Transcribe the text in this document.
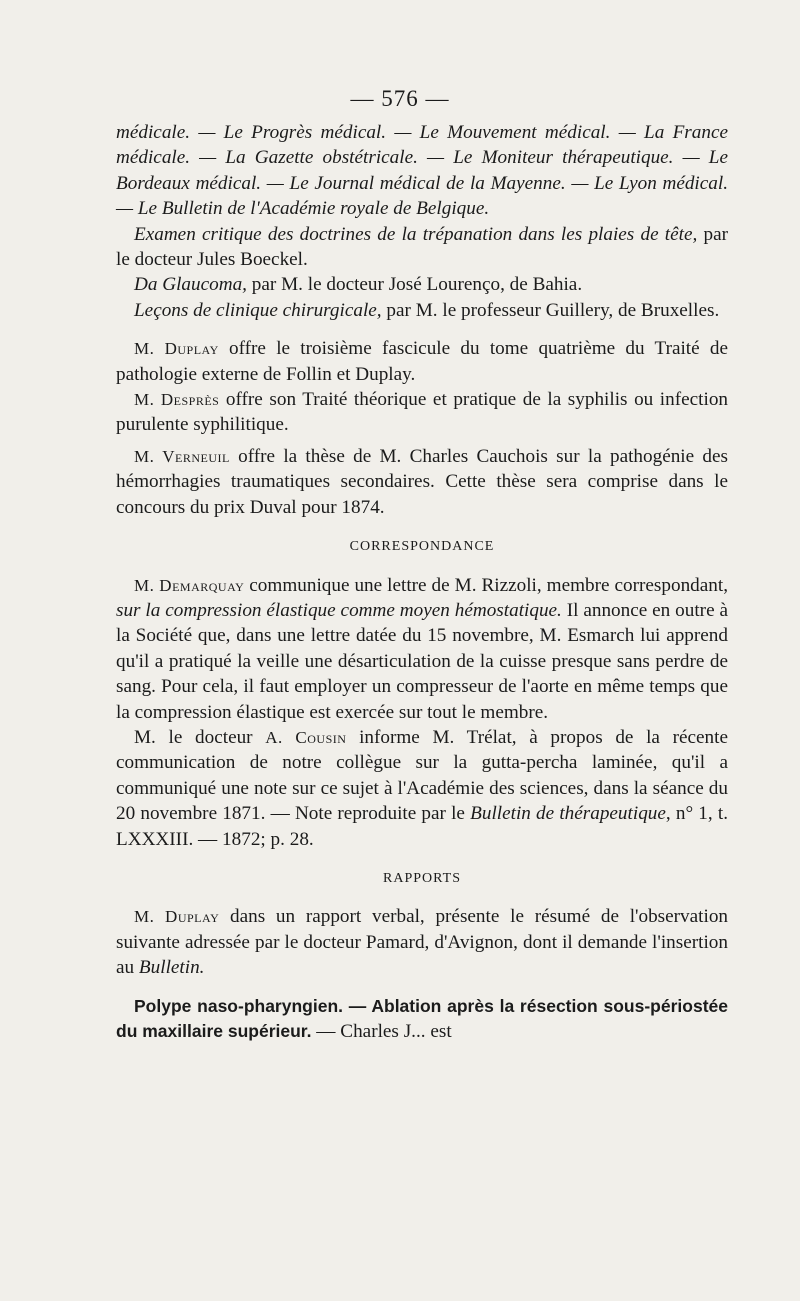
— 576 —

médicale. — Le Progrès médical. — Le Mouvement médical. — La France médicale. — La Gazette obstétricale. — Le Moniteur thérapeutique. — Le Bordeaux médical. — Le Journal médical de la Mayenne. — Le Lyon médical. — Le Bulletin de l'Académie royale de Belgique.

Examen critique des doctrines de la trépanation dans les plaies de tête, par le docteur Jules Boeckel.

Da Glaucoma, par M. le docteur José Lourenço, de Bahia.

Leçons de clinique chirurgicale, par M. le professeur Guillery, de Bruxelles.

M. Duplay offre le troisième fascicule du tome quatrième du Traité de pathologie externe de Follin et Duplay.

M. Desprès offre son Traité théorique et pratique de la syphilis ou infection purulente syphilitique.

M. Verneuil offre la thèse de M. Charles Cauchois sur la pathogénie des hémorrhagies traumatiques secondaires. Cette thèse sera comprise dans le concours du prix Duval pour 1874.

CORRESPONDANCE

M. Demarquay communique une lettre de M. Rizzoli, membre correspondant, sur la compression élastique comme moyen hémostatique. Il annonce en outre à la Société que, dans une lettre datée du 15 novembre, M. Esmarch lui apprend qu'il a pratiqué la veille une désarticulation de la cuisse presque sans perdre de sang. Pour cela, il faut employer un compresseur de l'aorte en même temps que la compression élastique est exercée sur tout le membre.

M. le docteur A. Cousin informe M. Trélat, à propos de la récente communication de notre collègue sur la gutta-percha laminée, qu'il a communiqué une note sur ce sujet à l'Académie des sciences, dans la séance du 20 novembre 1871. — Note reproduite par le Bulletin de thérapeutique, n° 1, t. LXXXIII. — 1872; p. 28.

RAPPORTS

M. Duplay dans un rapport verbal, présente le résumé de l'observation suivante adressée par le docteur Pamard, d'Avignon, dont il demande l'insertion au Bulletin.

Polype naso-pharyngien. — Ablation après la résection sous-périostée du maxillaire supérieur. — Charles J... est
